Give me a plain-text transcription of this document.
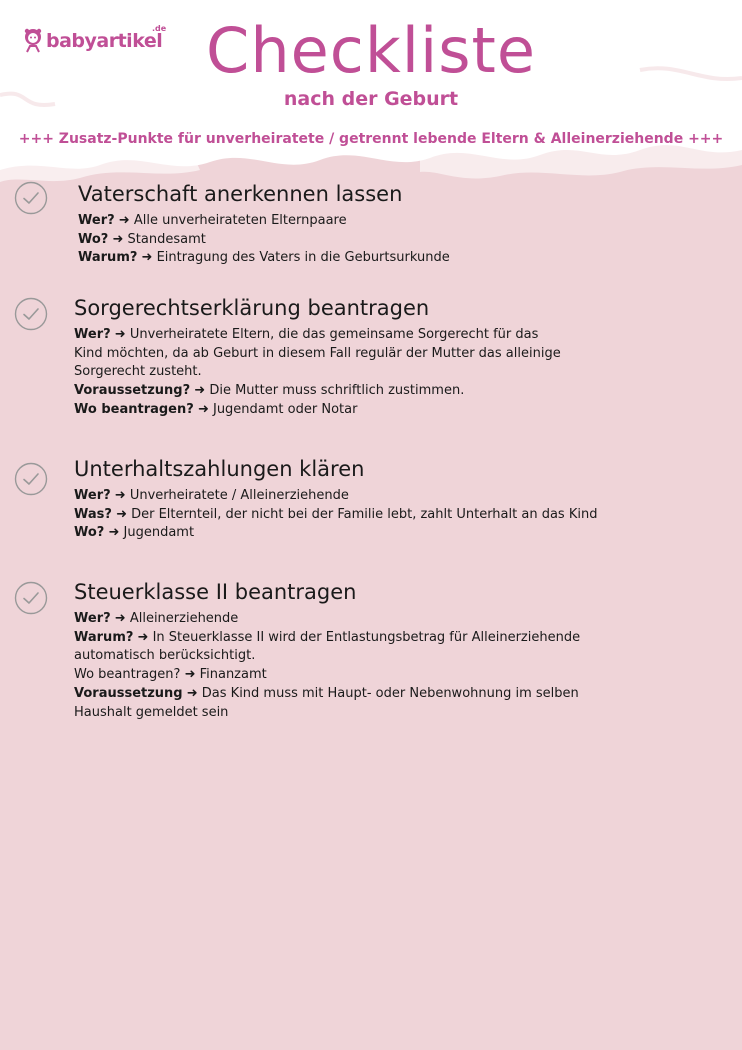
babyartikel
.de Checkliste
nach der Geburt
+++ Zusatz-Punkte für unverheiratete / getrennt lebende Eltern & Alleinerziehende +++
Vaterschaft anerkennen lassen
Wer? ➜ Alle unverheirateten Elternpaare
Wo? ➜ Standesamt
Warum? ➜ Eintragung des Vaters in die Geburtsurkunde
Sorgerechtserklärung beantragen
Wer? ➜ Unverheiratete Eltern, die das gemeinsame Sorgerecht für das
Kind möchten, da ab Geburt in diesem Fall regulär der Mutter das alleinige
Sorgerecht zusteht.
Voraussetzung? ➜ Die Mutter muss schriftlich zustimmen.
Wo beantragen? ➜ Jugendamt oder Notar
Unterhaltszahlungen klären
Wer? ➜ Unverheiratete / Alleinerziehende
Was? ➜ Der Elternteil, der nicht bei der Familie lebt, zahlt Unterhalt an das Kind
Wo? ➜ Jugendamt
Steuerklasse II beantragen
Wer? ➜ Alleinerziehende
Warum? ➜ In Steuerklasse II wird der Entlastungsbetrag für Alleinerziehende
automatisch berücksichtigt.
Wo beantragen? ➜ Finanzamt
Voraussetzung ➜ Das Kind muss mit Haupt- oder Nebenwohnung im selben
Haushalt gemeldet sein
